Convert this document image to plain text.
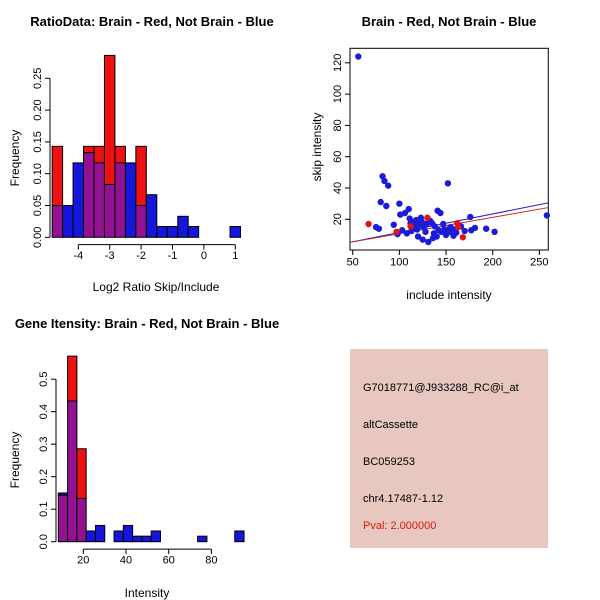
0.00
0.05
0.10
0.15
0.20
0.25
-4 -3 -2 -1 0 1
RatioData: Brain - Red, Not Brain - Blue
Log2 Ratio Skip/Include
Frequency
20
40
60
80
100
120
50	100	150	200	250
Brain - Red, Not Brain - Blue
include intensity
skip intensity
0.0
0.1
0.2
0.3
0.4
0.5
20	40	60	80
Gene Itensity: Brain - Red, Not Brain - Blue
Intensity
Frequency
G7018771@J933288_RC@i_at
altCassette
BC059253
chr4.17487-1.12
Pval: 2.000000
